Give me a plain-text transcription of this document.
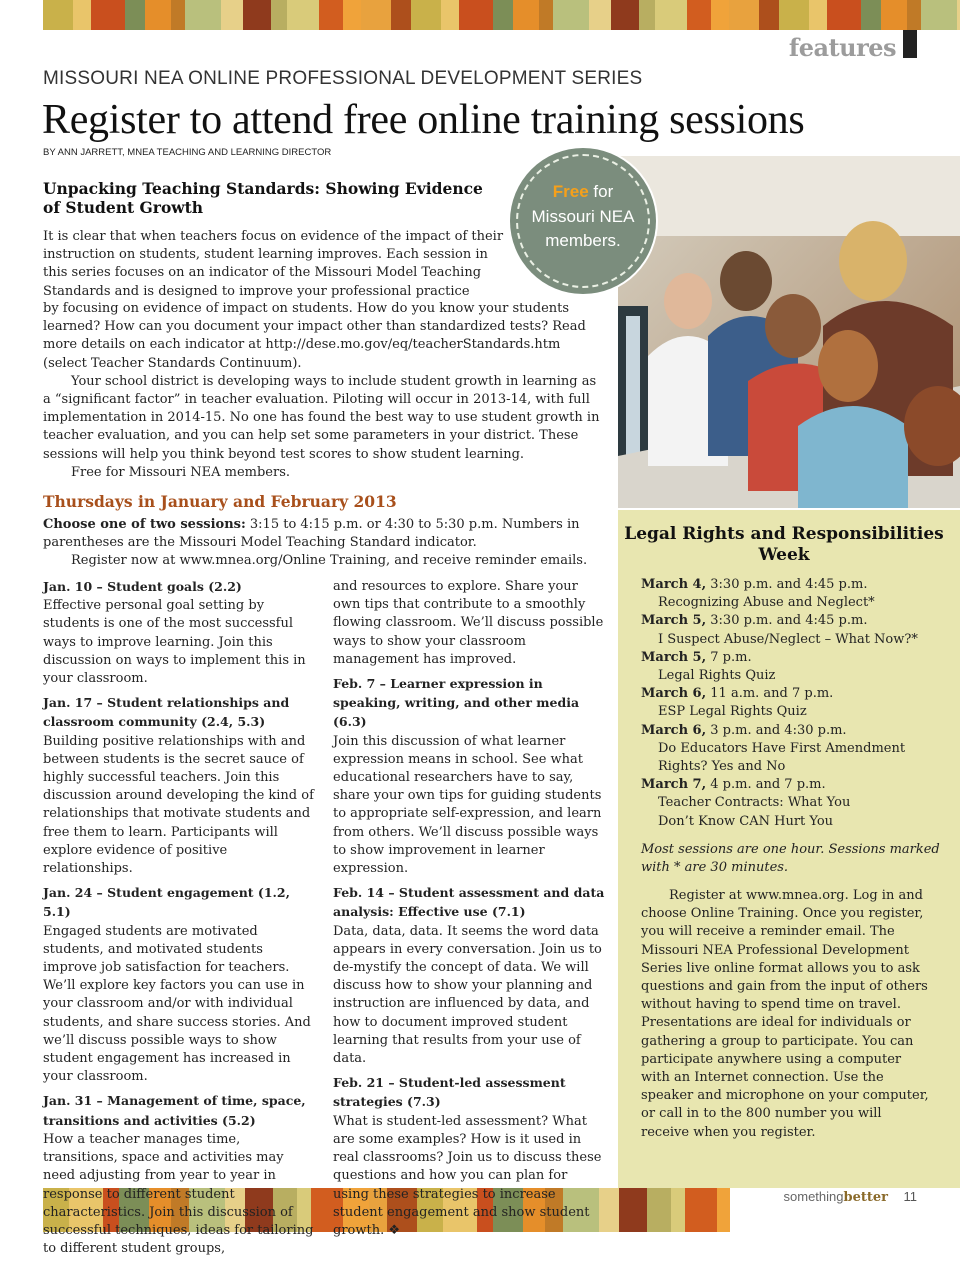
features
MISSOURI NEA ONLINE PROFESSIONAL DEVELOPMENT SERIES
Register to attend free online training sessions
BY ANN JARRETT, MNEA TEACHING AND LEARNING DIRECTOR
Free for
Missouri NEA
members.
Unpacking Teaching Standards: Showing Evidence of Student Growth

It is clear that when teachers focus on evidence of the impact of their instruction on students, student learning improves. Each session in this series focuses on an indicator of the Missouri Model Teaching Standards and is designed to improve your professional practice

by focusing on evidence of impact on students. How do you know your students learned? How can you document your impact other than standardized tests? Read more details on each indicator at http://dese.mo.gov/eq/teacherStandards.htm (select Teacher Standards Continuum).

Your school district is developing ways to include student growth in learning as a “significant factor” in teacher evaluation. Piloting will occur in 2013-14, with full implementation in 2014-15. No one has found the best way to use student growth in teacher evaluation, and you can help set some parameters in your district. These sessions will help you think beyond test scores to show student learning.

Free for Missouri NEA members.

Thursdays in January and February 2013

Choose one of two sessions: 3:15 to 4:15 p.m. or 4:30 to 5:30 p.m. Numbers in parentheses are the Missouri Model Teaching Standard indicator.

Register now at www.mnea.org/Online Training, and receive reminder emails.

Jan. 10 – Student goals (2.2)
Effective personal goal setting by students is one of the most successful ways to improve learning. Join this discussion on ways to implement this in your classroom.
Jan. 17 – Student relationships and classroom community (2.4, 5.3)
Building positive relationships with and between students is the secret sauce of highly successful teachers. Join this discussion around developing the kind of relationships that motivate students and free them to learn. Participants will explore evidence of positive relationships.
Jan. 24 – Student engagement (1.2, 5.1)
Engaged students are motivated students, and motivated students improve job satisfaction for teachers. We’ll explore key factors you can use in your classroom and/or with individual students, and share success stories. And we’ll discuss possible ways to show student engagement has increased in your classroom.
Jan. 31 – Management of time, space, transitions and activities (5.2)
How a teacher manages time, transitions, space and activities may need adjusting from year to year in response to different student characteristics. Join this discussion of successful techniques, ideas for tailoring to different student groups,
and resources to explore. Share your own tips that contribute to a smoothly flowing classroom. We’ll discuss possible ways to show your classroom management has improved.
Feb. 7 – Learner expression in speaking, writing, and other media (6.3)
Join this discussion of what learner expression means in school. See what educational researchers have to say, share your own tips for guiding students to appropriate self-expression, and learn from others. We’ll discuss possible ways to show improvement in learner expression.
Feb. 14 – Student assessment and data analysis: Effective use (7.1)
Data, data, data. It seems the word data appears in every conversation. Join us to de-mystify the concept of data. We will discuss how to show your planning and instruction are influenced by data, and how to document improved student learning that results from your use of data.
Feb. 21 – Student-led assessment strategies (7.3)
What is student-led assessment? What are some examples? How is it used in real classrooms? Join us to discuss these questions and how you can plan for using these strategies to increase student engagement and show student growth. ❖
Legal Rights and Responsibilities Week

March 4, 3:30 p.m. and 4:45 p.m.

Recognizing Abuse and Neglect*

March 5, 3:30 p.m. and 4:45 p.m.

I Suspect Abuse/Neglect – What Now?*

March 5, 7 p.m.

Legal Rights Quiz

March 6, 11 a.m. and 7 p.m.

ESP Legal Rights Quiz

March 6, 3 p.m. and 4:30 p.m.

Do Educators Have First Amendment Rights? Yes and No

March 7, 4 p.m. and 7 p.m.

Teacher Contracts: What You Don’t Know CAN Hurt You

Most sessions are one hour. Sessions marked with * are 30 minutes.
Register at www.mnea.org. Log in and choose Online Training. Once you register, you will receive a reminder email. The Missouri NEA Professional Development Series live online format allows you to ask questions and gain from the input of others without having to spend time on travel. Presentations are ideal for individuals or gathering a group to participate. You can participate anywhere using a computer with an Internet connection. Use the speaker and microphone on your computer, or call in to the 800 number you will receive when you register.
somethingbetter 11
